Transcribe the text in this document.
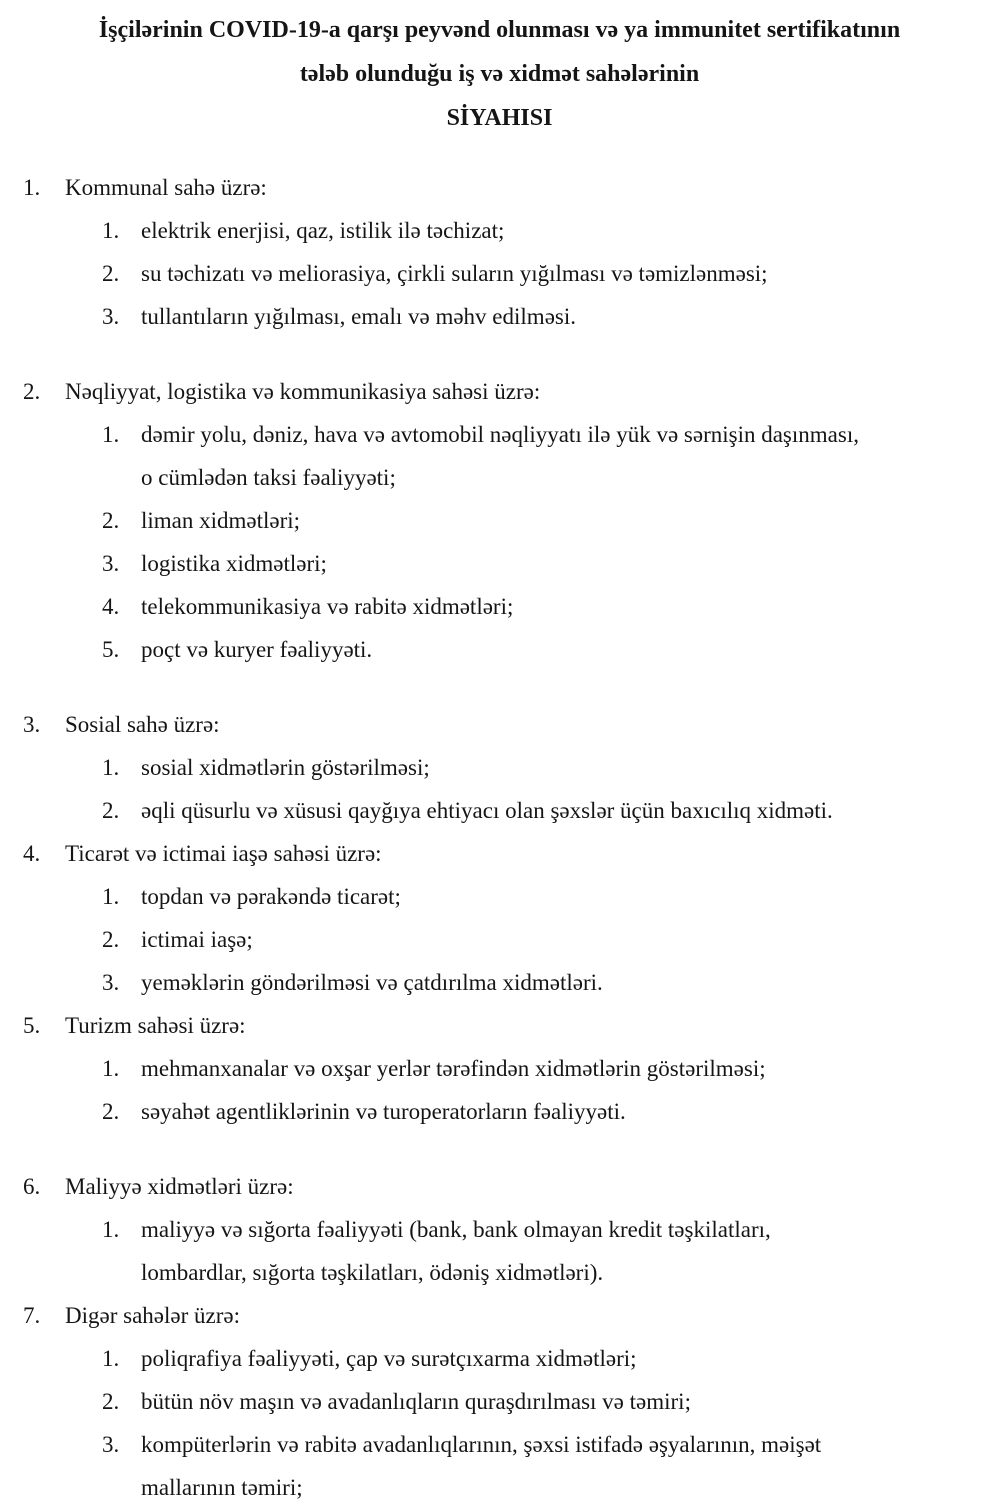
İşçilərinin COVID-19-a qarşı peyvənd olunması və ya immunitet sertifikatının
tələb olunduğu iş və xidmət sahələrinin
SİYAHISI
1.	Kommunal sahə üzrə:
1. elektrik enerjisi, qaz, istilik ilə təchizat;
2. su təchizatı və meliorasiya, çirkli suların yığılması və təmizlənməsi;
3. tullantıların yığılması, emalı və məhv edilməsi.
2.	Nəqliyyat, logistika və kommunikasiya sahəsi üzrə:
1. dəmir yolu, dəniz, hava və avtomobil nəqliyyatı ilə yük və sərnişin daşınması,
o cümlədən taksi fəaliyyəti;
2. liman xidmətləri;
3. logistika xidmətləri;
4. telekommunikasiya və rabitə xidmətləri;
5. poçt və kuryer fəaliyyəti.
3.	Sosial sahə üzrə:
1. sosial xidmətlərin göstərilməsi;
2. əqli qüsurlu və xüsusi qayğıya ehtiyacı olan şəxslər üçün baxıcılıq xidməti.
4.	Ticarət və ictimai iaşə sahəsi üzrə:
1. topdan və pərakəndə ticarət;
2. ictimai iaşə;
3. yeməklərin göndərilməsi və çatdırılma xidmətləri.
5.	Turizm sahəsi üzrə:
1. mehmanxanalar və oxşar yerlər tərəfindən xidmətlərin göstərilməsi;
2. səyahət agentliklərinin və turoperatorların fəaliyyəti.
6.	Maliyyə xidmətləri üzrə:
1. maliyyə və sığorta fəaliyyəti (bank, bank olmayan kredit təşkilatları,
lombardlar, sığorta təşkilatları, ödəniş xidmətləri).
7.	Digər sahələr üzrə:
1. poliqrafiya fəaliyyəti, çap və surətçıxarma xidmətləri;
2. bütün növ maşın və avadanlıqların quraşdırılması və təmiri;
3. kompüterlərin və rabitə avadanlıqlarının, şəxsi istifadə əşyalarının, məişət
mallarının təmiri;
